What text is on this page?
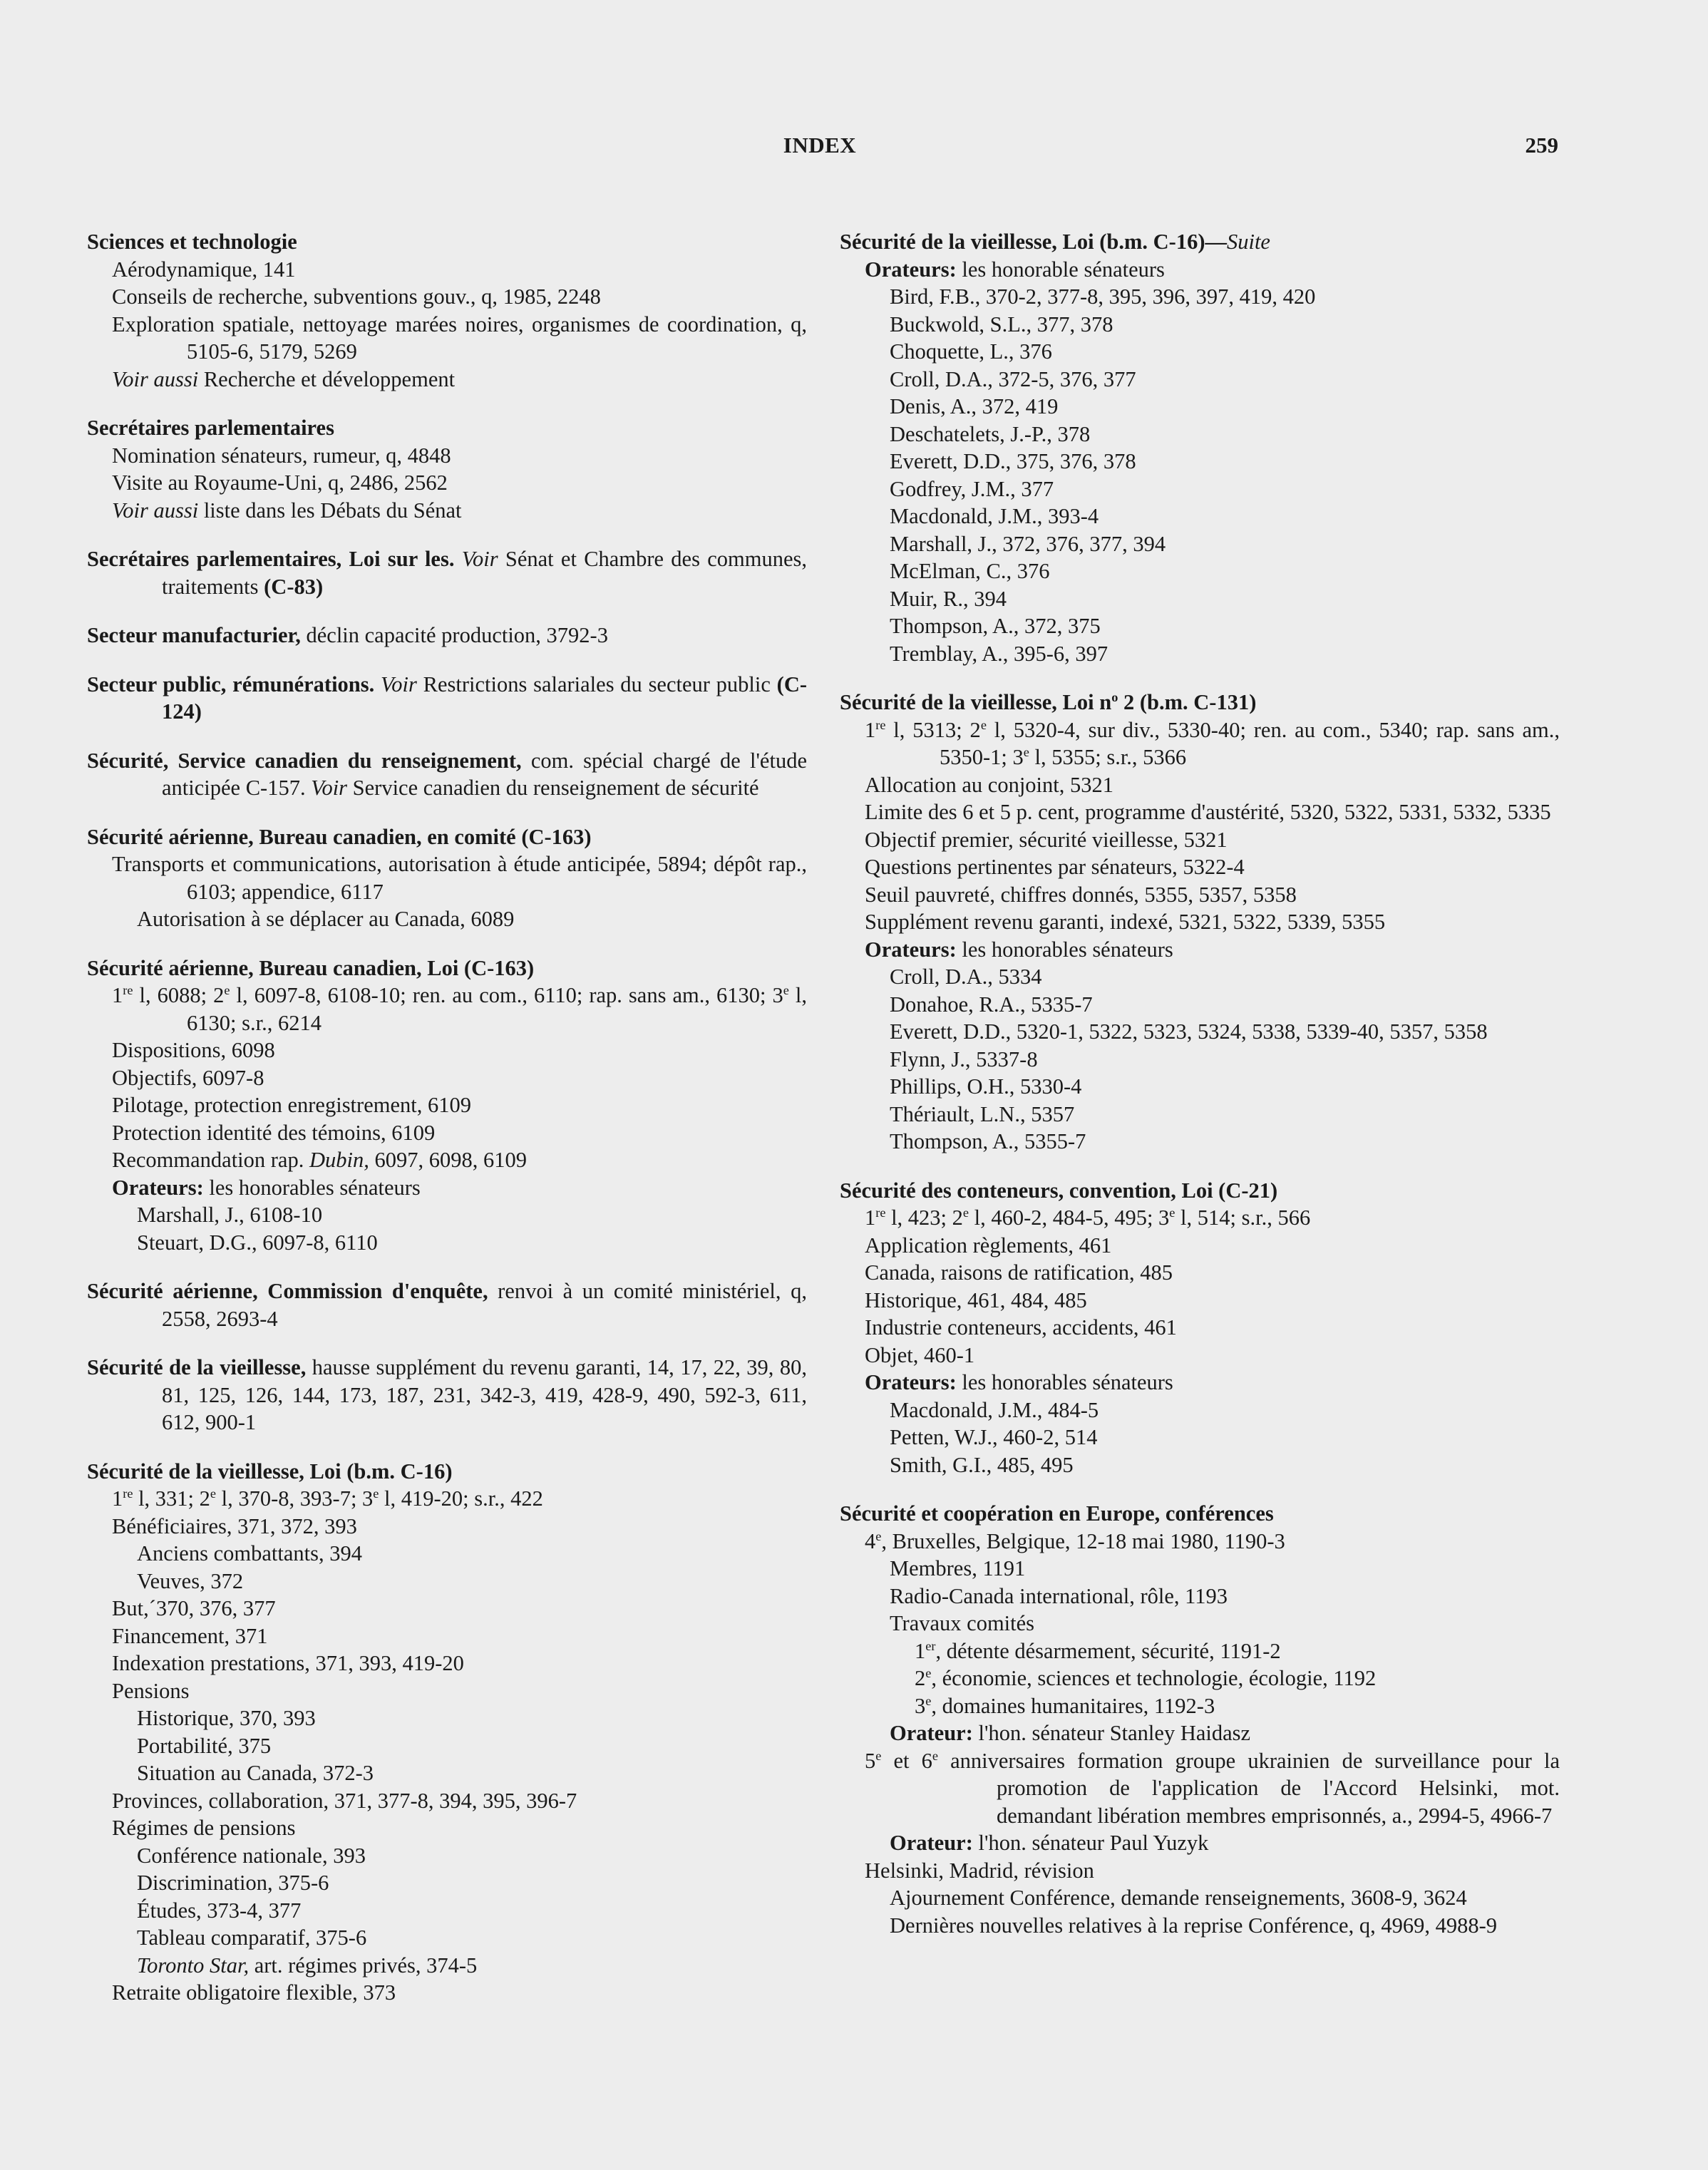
INDEX	259
Sciences et technologie
Aérodynamique, 141
Conseils de recherche, subventions gouv., q, 1985, 2248
Exploration spatiale, nettoyage marées noires, organismes de coordination, q, 5105-6, 5179, 5269
Voir aussi Recherche et développement
Secrétaires parlementaires
Nomination sénateurs, rumeur, q, 4848
Visite au Royaume-Uni, q, 2486, 2562
Voir aussi liste dans les Débats du Sénat
Secrétaires parlementaires, Loi sur les. Voir Sénat et Chambre des communes, traitements (C-83)
Secteur manufacturier, déclin capacité production, 3792-3
Secteur public, rémunérations. Voir Restrictions salariales du secteur public (C-124)
Sécurité, Service canadien du renseignement, com. spécial chargé de l'étude anticipée C-157. Voir Service canadien du renseignement de sécurité
Sécurité aérienne, Bureau canadien, en comité (C-163)
Transports et communications, autorisation à étude anticipée, 5894; dépôt rap., 6103; appendice, 6117
Autorisation à se déplacer au Canada, 6089
Sécurité aérienne, Bureau canadien, Loi (C-163)
1re l, 6088; 2e l, 6097-8, 6108-10; ren. au com., 6110; rap. sans am., 6130; 3e l, 6130; s.r., 6214
Dispositions, 6098
Objectifs, 6097-8
Pilotage, protection enregistrement, 6109
Protection identité des témoins, 6109
Recommandation rap. Dubin, 6097, 6098, 6109
Orateurs: les honorables sénateurs
Marshall, J., 6108-10
Steuart, D.G., 6097-8, 6110
Sécurité aérienne, Commission d'enquête, renvoi à un comité ministériel, q, 2558, 2693-4
Sécurité de la vieillesse, hausse supplément du revenu garanti, 14, 17, 22, 39, 80, 81, 125, 126, 144, 173, 187, 231, 342-3, 419, 428-9, 490, 592-3, 611, 612, 900-1
Sécurité de la vieillesse, Loi (b.m. C-16)
1re l, 331; 2e l, 370-8, 393-7; 3e l, 419-20; s.r., 422
Bénéficiaires, 371, 372, 393
Anciens combattants, 394
Veuves, 372
But,´370, 376, 377
Financement, 371
Indexation prestations, 371, 393, 419-20
Pensions
Historique, 370, 393
Portabilité, 375
Situation au Canada, 372-3
Provinces, collaboration, 371, 377-8, 394, 395, 396-7
Régimes de pensions
Conférence nationale, 393
Discrimination, 375-6
Études, 373-4, 377
Tableau comparatif, 375-6
Toronto Star, art. régimes privés, 374-5
Retraite obligatoire flexible, 373
Sécurité de la vieillesse, Loi (b.m. C-16)—Suite
Orateurs: les honorable sénateurs
Bird, F.B., 370-2, 377-8, 395, 396, 397, 419, 420
Buckwold, S.L., 377, 378
Choquette, L., 376
Croll, D.A., 372-5, 376, 377
Denis, A., 372, 419
Deschatelets, J.-P., 378
Everett, D.D., 375, 376, 378
Godfrey, J.M., 377
Macdonald, J.M., 393-4
Marshall, J., 372, 376, 377, 394
McElman, C., 376
Muir, R., 394
Thompson, A., 372, 375
Tremblay, A., 395-6, 397
Sécurité de la vieillesse, Loi $n^o$ 2 (b.m. C-131)
1re l, 5313; 2e l, 5320-4, sur div., 5330-40; ren. au com., 5340; rap. sans am., 5350-1; 3e l, 5355; s.r., 5366
Allocation au conjoint, 5321
Limite des 6 et 5 p. cent, programme d'austérité, 5320, 5322, 5331, 5332, 5335
Objectif premier, sécurité vieillesse, 5321
Questions pertinentes par sénateurs, 5322-4
Seuil pauvreté, chiffres donnés, 5355, 5357, 5358
Supplément revenu garanti, indexé, 5321, 5322, 5339, 5355
Orateurs: les honorables sénateurs
Croll, D.A., 5334
Donahoe, R.A., 5335-7
Everett, D.D., 5320-1, 5322, 5323, 5324, 5338, 5339-40, 5357, 5358
Flynn, J., 5337-8
Phillips, O.H., 5330-4
Thériault, L.N., 5357
Thompson, A., 5355-7
Sécurité des conteneurs, convention, Loi (C-21)
1re l, 423; 2e l, 460-2, 484-5, 495; 3e l, 514; s.r., 566
Application règlements, 461
Canada, raisons de ratification, 485
Historique, 461, 484, 485
Industrie conteneurs, accidents, 461
Objet, 460-1
Orateurs: les honorables sénateurs
Macdonald, J.M., 484-5
Petten, W.J., 460-2, 514
Smith, G.I., 485, 495
Sécurité et coopération en Europe, conférences
4e, Bruxelles, Belgique, 12-18 mai 1980, 1190-3
Membres, 1191
Radio-Canada international, rôle, 1193
Travaux comités
1er, détente désarmement, sécurité, 1191-2
2e, économie, sciences et technologie, écologie, 1192
3e, domaines humanitaires, 1192-3
Orateur: l'hon. sénateur Stanley Haidasz
5e et 6e anniversaires formation groupe ukrainien de surveillance pour la promotion de l'application de l'Accord Helsinki, mot. demandant libération membres emprisonnés, a., 2994-5, 4966-7
Orateur: l'hon. sénateur Paul Yuzyk
Helsinki, Madrid, révision
Ajournement Conférence, demande renseignements, 3608-9, 3624
Dernières nouvelles relatives à la reprise Conférence, q, 4969, 4988-9
